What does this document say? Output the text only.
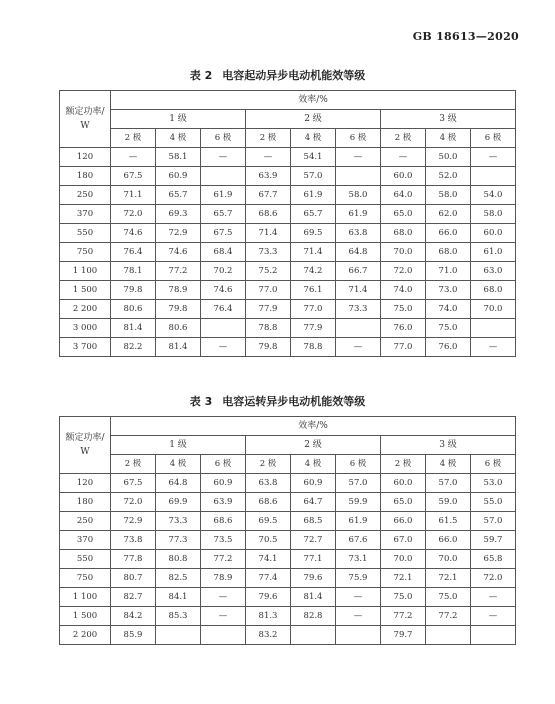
GB 18613—2020
表 2 电容起动异步电动机能效等级
额定功率/
W	效率/%								
	1 级			2 级			3 级		
	2 极	4 极	6 极	2 极	4 极	6 极	2 极	4 极	6 极
120	—	58.1	—	—	54.1	—	—	50.0	—
180	67.5	60.9		63.9	57.0		60.0	52.0	
250	71.1	65.7	61.9	67.7	61.9	58.0	64.0	58.0	54.0
370	72.0	69.3	65.7	68.6	65.7	61.9	65.0	62.0	58.0
550	74.6	72.9	67.5	71.4	69.5	63.8	68.0	66.0	60.0
750	76.4	74.6	68.4	73.3	71.4	64.8	70.0	68.0	61.0
1 100	78.1	77.2	70.2	75.2	74.2	66.7	72.0	71.0	63.0
1 500	79.8	78.9	74.6	77.0	76.1	71.4	74.0	73.0	68.0
2 200	80.6	79.8	76.4	77.9	77.0	73.3	75.0	74.0	70.0
3 000	81.4	80.6		78.8	77.9		76.0	75.0	
3 700	82.2	81.4	—	79.8	78.8	—	77.0	76.0	—
表 3 电容运转异步电动机能效等级
额定功率/
W	效率/%								
	1 级			2 级			3 级		
	2 极	4 极	6 极	2 极	4 极	6 极	2 极	4 极	6 极
120	67.5	64.8	60.9	63.8	60.9	57.0	60.0	57.0	53.0
180	72.0	69.9	63.9	68.6	64.7	59.9	65.0	59.0	55.0
250	72.9	73.3	68.6	69.5	68.5	61.9	66.0	61.5	57.0
370	73.8	77.3	73.5	70.5	72.7	67.6	67.0	66.0	59.7
550	77.8	80.8	77.2	74.1	77.1	73.1	70.0	70.0	65.8
750	80.7	82.5	78.9	77.4	79.6	75.9	72.1	72.1	72.0
1 100	82.7	84.1	—	79.6	81.4	—	75.0	75.0	—
1 500	84.2	85.3	—	81.3	82.8	—	77.2	77.2	—
2 200	85.9			83.2			79.7		
